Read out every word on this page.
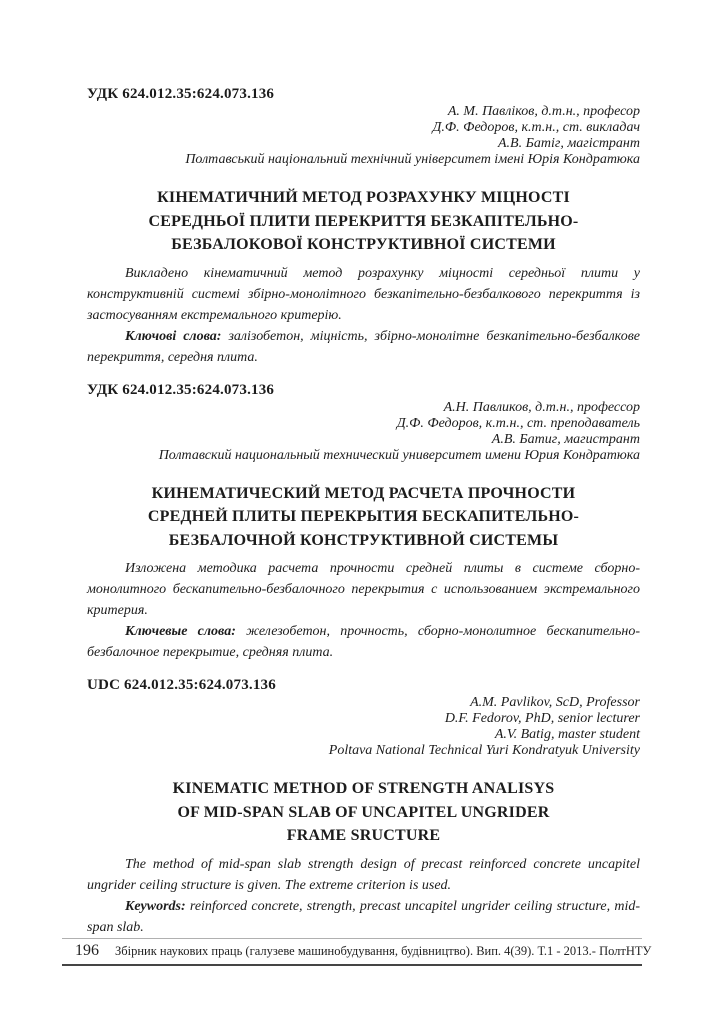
УДК 624.012.35:624.073.136

А. М. Павліков, д.т.н., професор
Д.Ф. Федоров, к.т.н., ст. викладач
А.В. Батіг, магістрант
Полтавський національний технічний університет імені Юрія Кондратюка
КІНЕМАТИЧНИЙ МЕТОД РОЗРАХУНКУ МІЦНОСТІ
СЕРЕДНЬОЇ ПЛИТИ ПЕРЕКРИТТЯ БЕЗКАПІТЕЛЬНО-
БЕЗБАЛОКОВОЇ КОНСТРУКТИВНОЇ СИСТЕМИ

Викладено кінематичний метод розрахунку міцності середньої плити у конструктивній системі збірно-монолітного безкапітельно-безбалкового перекриття із застосуванням екстремального критерію.

Ключові слова: залізобетон, міцність, збірно-монолітне безкапітельно-безбалкове перекриття, середня плита.

УДК 624.012.35:624.073.136

А.Н. Павликов, д.т.н., профессор
Д.Ф. Федоров, к.т.н., ст. преподаватель
А.В. Батиг, магистрант
Полтавский национальный технический университет имени Юрия Кондратюка
КИНЕМАТИЧЕСКИЙ МЕТОД РАСЧЕТА ПРОЧНОСТИ
СРЕДНЕЙ ПЛИТЫ ПЕРЕКРЫТИЯ БЕСКАПИТЕЛЬНО-
БЕЗБАЛОЧНОЙ КОНСТРУКТИВНОЙ СИСТЕМЫ

Изложена методика расчета прочности средней плиты в системе сборно-монолитного бескапительно-безбалочного перекрытия с использованием экстремального критерия.

Ключевые слова: железобетон, прочность, сборно-монолитное бескапительно-безбалочное перекрытие, средняя плита.

UDC 624.012.35:624.073.136

A.M. Pavlikov, ScD, Professor
D.F. Fedorov, PhD, senior lecturer
A.V. Batig, master student
Poltava National Technical Yuri Kondratyuk University
KINEMATIC METHOD OF STRENGTH ANALISYS
OF MID-SPAN SLAB OF UNCAPITEL UNGRIDER
FRAME SRUCTURE

The method of mid-span slab strength design of precast reinforced concrete uncapitel ungrider ceiling structure is given. The extreme criterion is used.

Keywords: reinforced concrete, strength, precast uncapitel ungrider ceiling structure, mid-span slab.

196 Збірник наукових праць (галузеве машинобудування, будівництво). Вип. 4(39). Т.1 - 2013.- ПолтНТУ
